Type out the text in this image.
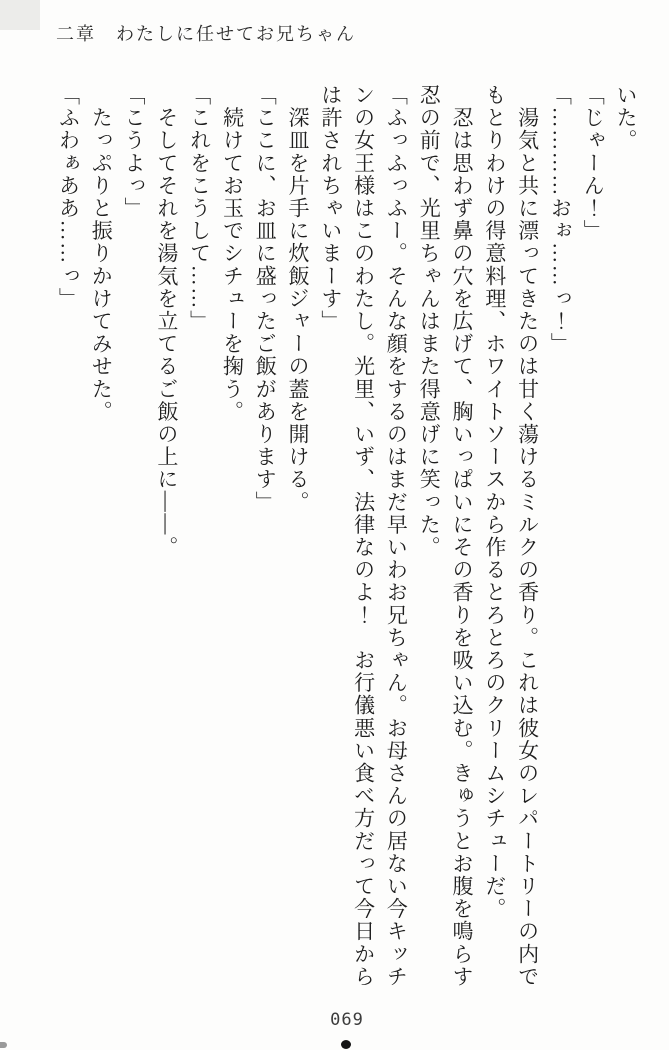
二章　わたしに任せてお兄ちゃん
いた。
「じゃーん！」
「…………おぉ……っ！」
　湯気と共に漂ってきたのは甘く蕩けるミルクの香り。これは彼女のレパートリーの内で
もとりわけの得意料理、ホワイトソースから作るとろとろのクリームシチューだ。
　忍は思わず鼻の穴を広げて、胸いっぱいにその香りを吸い込む。きゅうとお腹を鳴らす
忍の前で、光里ちゃんはまた得意げに笑った。
「ふっふっふー。そんな顔をするのはまだ早いわお兄ちゃん。お母さんの居ない今キッチ
ンの女王様はこのわたし。光里、いず、法律なのよ！　お行儀悪い食べ方だって今日から
は許されちゃいまーす」
　深皿を片手に炊飯ジャーの蓋を開ける。
「ここに、お皿に盛ったご飯があります」
　続けてお玉でシチューを掬う。
「これをこうして……」
　そしてそれを湯気を立てるご飯の上に――。
「こうよっ」
　たっぷりと振りかけてみせた。
「ふわぁああ……っ」
069
